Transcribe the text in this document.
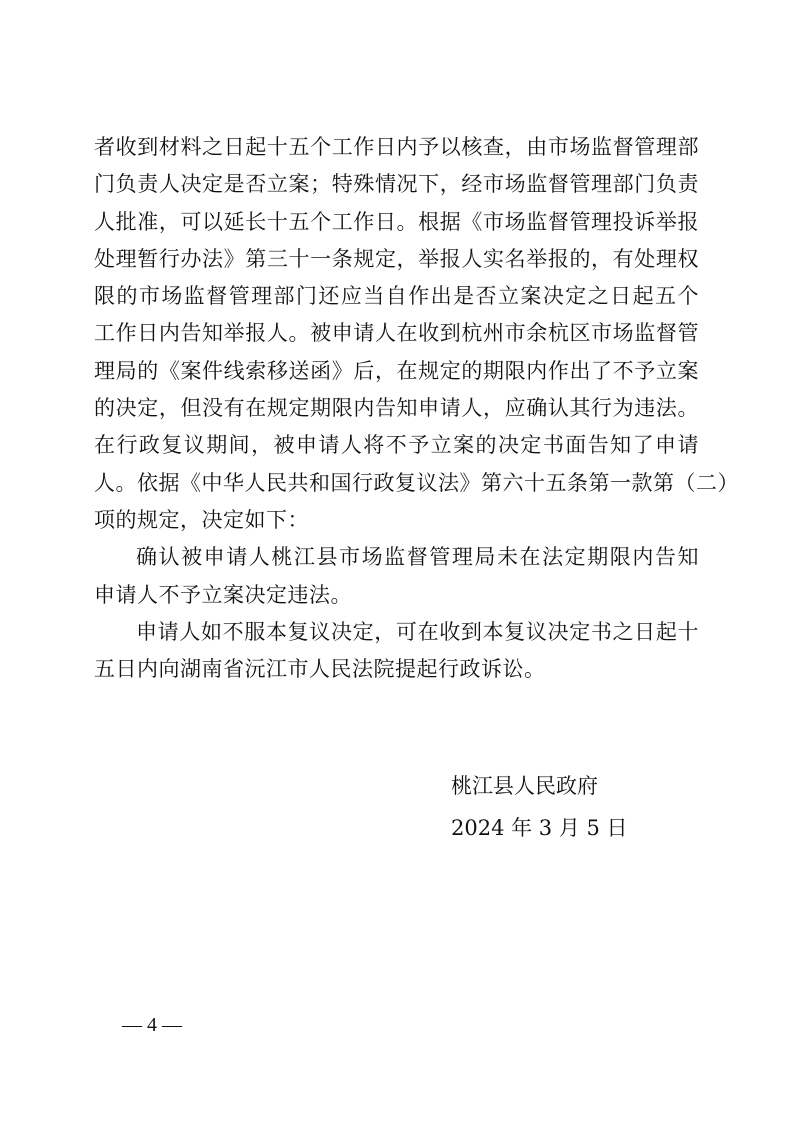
者收到材料之日起十五个工作日内予以核查，由市场监督管理部
门负责人决定是否立案；特殊情况下，经市场监督管理部门负责
人批准，可以延长十五个工作日。根据《市场监督管理投诉举报
处理暂行办法》第三十一条规定，举报人实名举报的，有处理权
限的市场监督管理部门还应当自作出是否立案决定之日起五个
工作日内告知举报人。被申请人在收到杭州市余杭区市场监督管
理局的《案件线索移送函》后，在规定的期限内作出了不予立案
的决定，但没有在规定期限内告知申请人，应确认其行为违法。
在行政复议期间，被申请人将不予立案的决定书面告知了申请
人。依据《中华人民共和国行政复议法》第六十五条第一款第（二）
项的规定，决定如下：
确认被申请人桃江县市场监督管理局未在法定期限内告知
申请人不予立案决定违法。
申请人如不服本复议决定，可在收到本复议决定书之日起十
五日内向湖南省沅江市人民法院提起行政诉讼。
桃江县人民政府
2024 年 3 月 5 日
— 4 —
